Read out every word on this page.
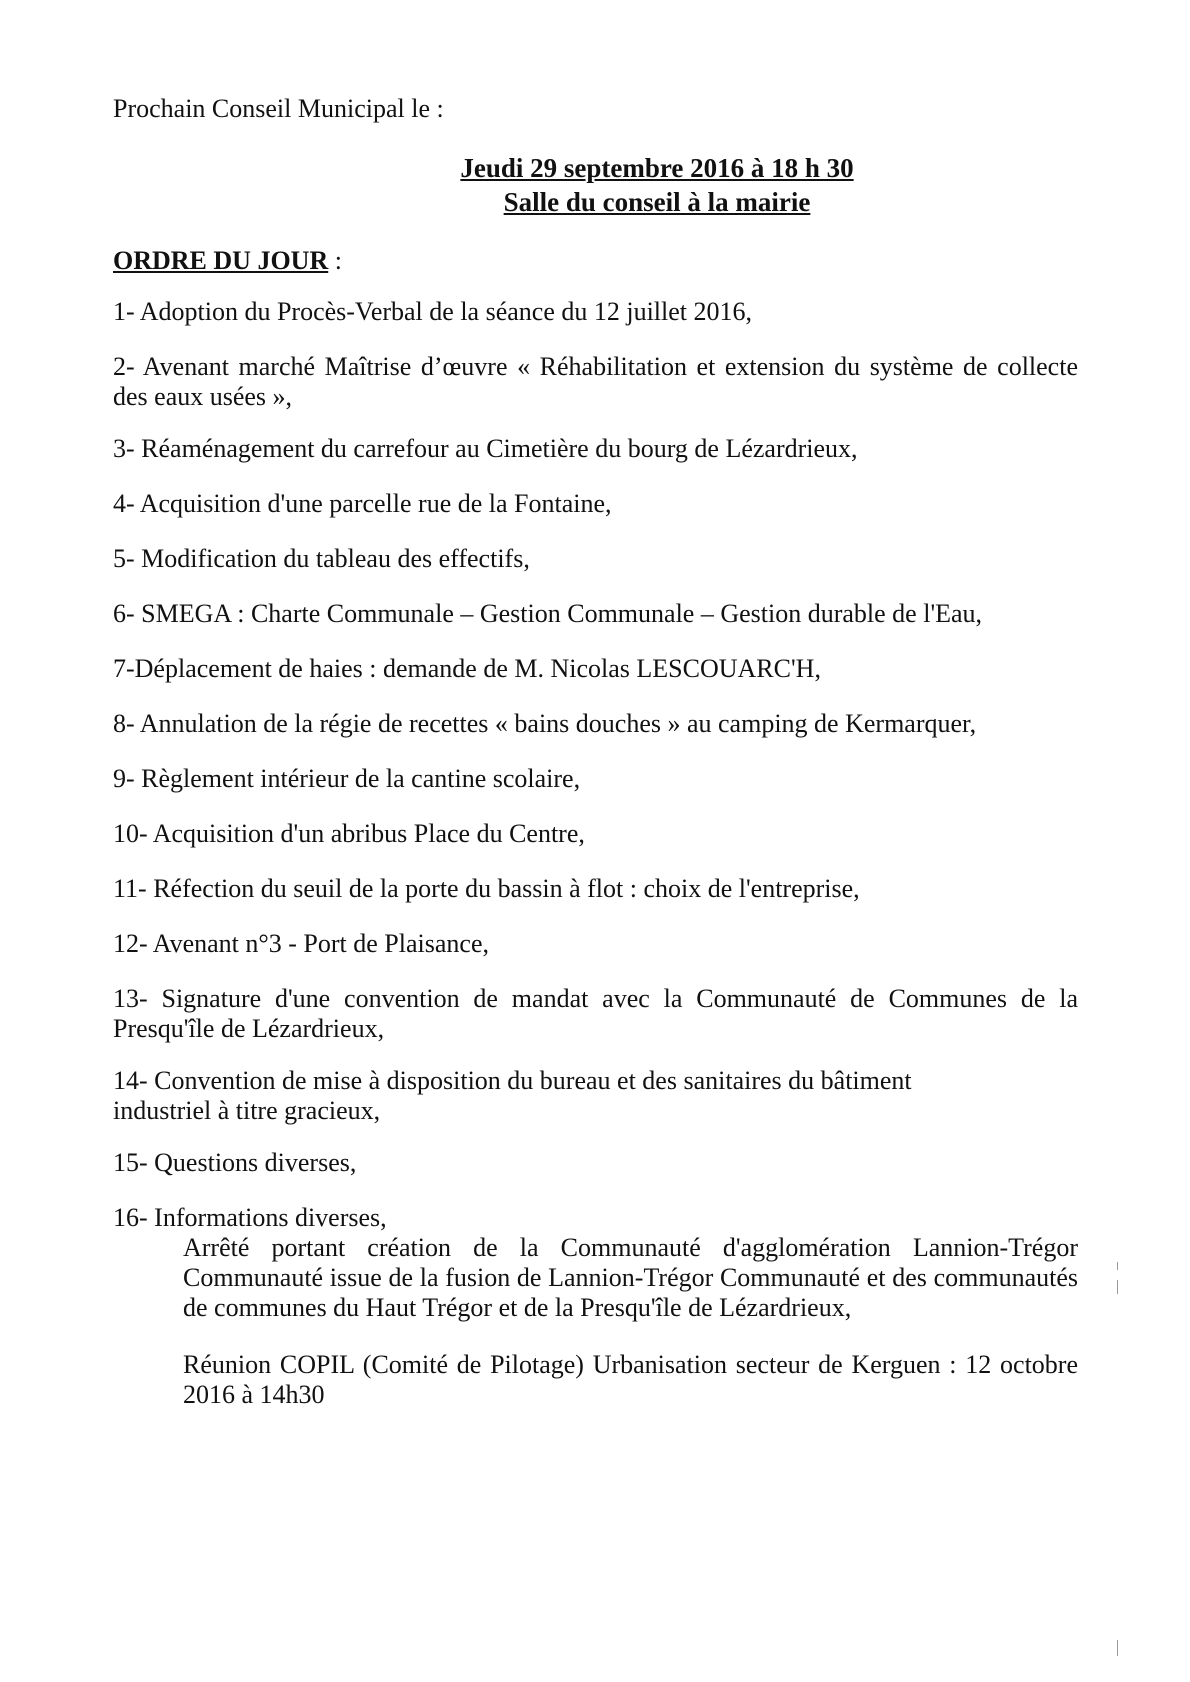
Prochain Conseil Municipal le :
Jeudi 29 septembre 2016 à 18 h 30
Salle du conseil à la mairie
ORDRE DU JOUR :
1- Adoption du Procès-Verbal de la séance du 12 juillet 2016,
2- Avenant marché Maîtrise d’œuvre « Réhabilitation et extension du système de collecte des eaux usées »,
3- Réaménagement du carrefour au Cimetière du bourg de Lézardrieux,
4- Acquisition d'une parcelle rue de la Fontaine,
5- Modification du tableau des effectifs,
6- SMEGA : Charte Communale – Gestion Communale – Gestion durable de l'Eau,
7-Déplacement de haies : demande de M. Nicolas LESCOUARC'H,
8- Annulation de la régie de recettes « bains douches » au camping de Kermarquer,
9- Règlement intérieur de la cantine scolaire,
10- Acquisition d'un abribus Place du Centre,
11- Réfection du seuil de la porte du bassin à flot : choix de l'entreprise,
12- Avenant n°3 - Port de Plaisance,
13- Signature d'une convention de mandat avec la Communauté de Communes de la Presqu'île de Lézardrieux,
14- Convention de mise à disposition du bureau et des sanitaires du bâtiment industriel à titre gracieux,
15- Questions diverses,
16- Informations diverses,
Arrêté portant création de la Communauté d'agglomération Lannion-Trégor Communauté issue de la fusion de Lannion-Trégor Communauté et des communautés de communes du Haut Trégor et de la Presqu'île de Lézardrieux,
Réunion COPIL (Comité de Pilotage) Urbanisation secteur de Kerguen : 12 octobre 2016 à 14h30
